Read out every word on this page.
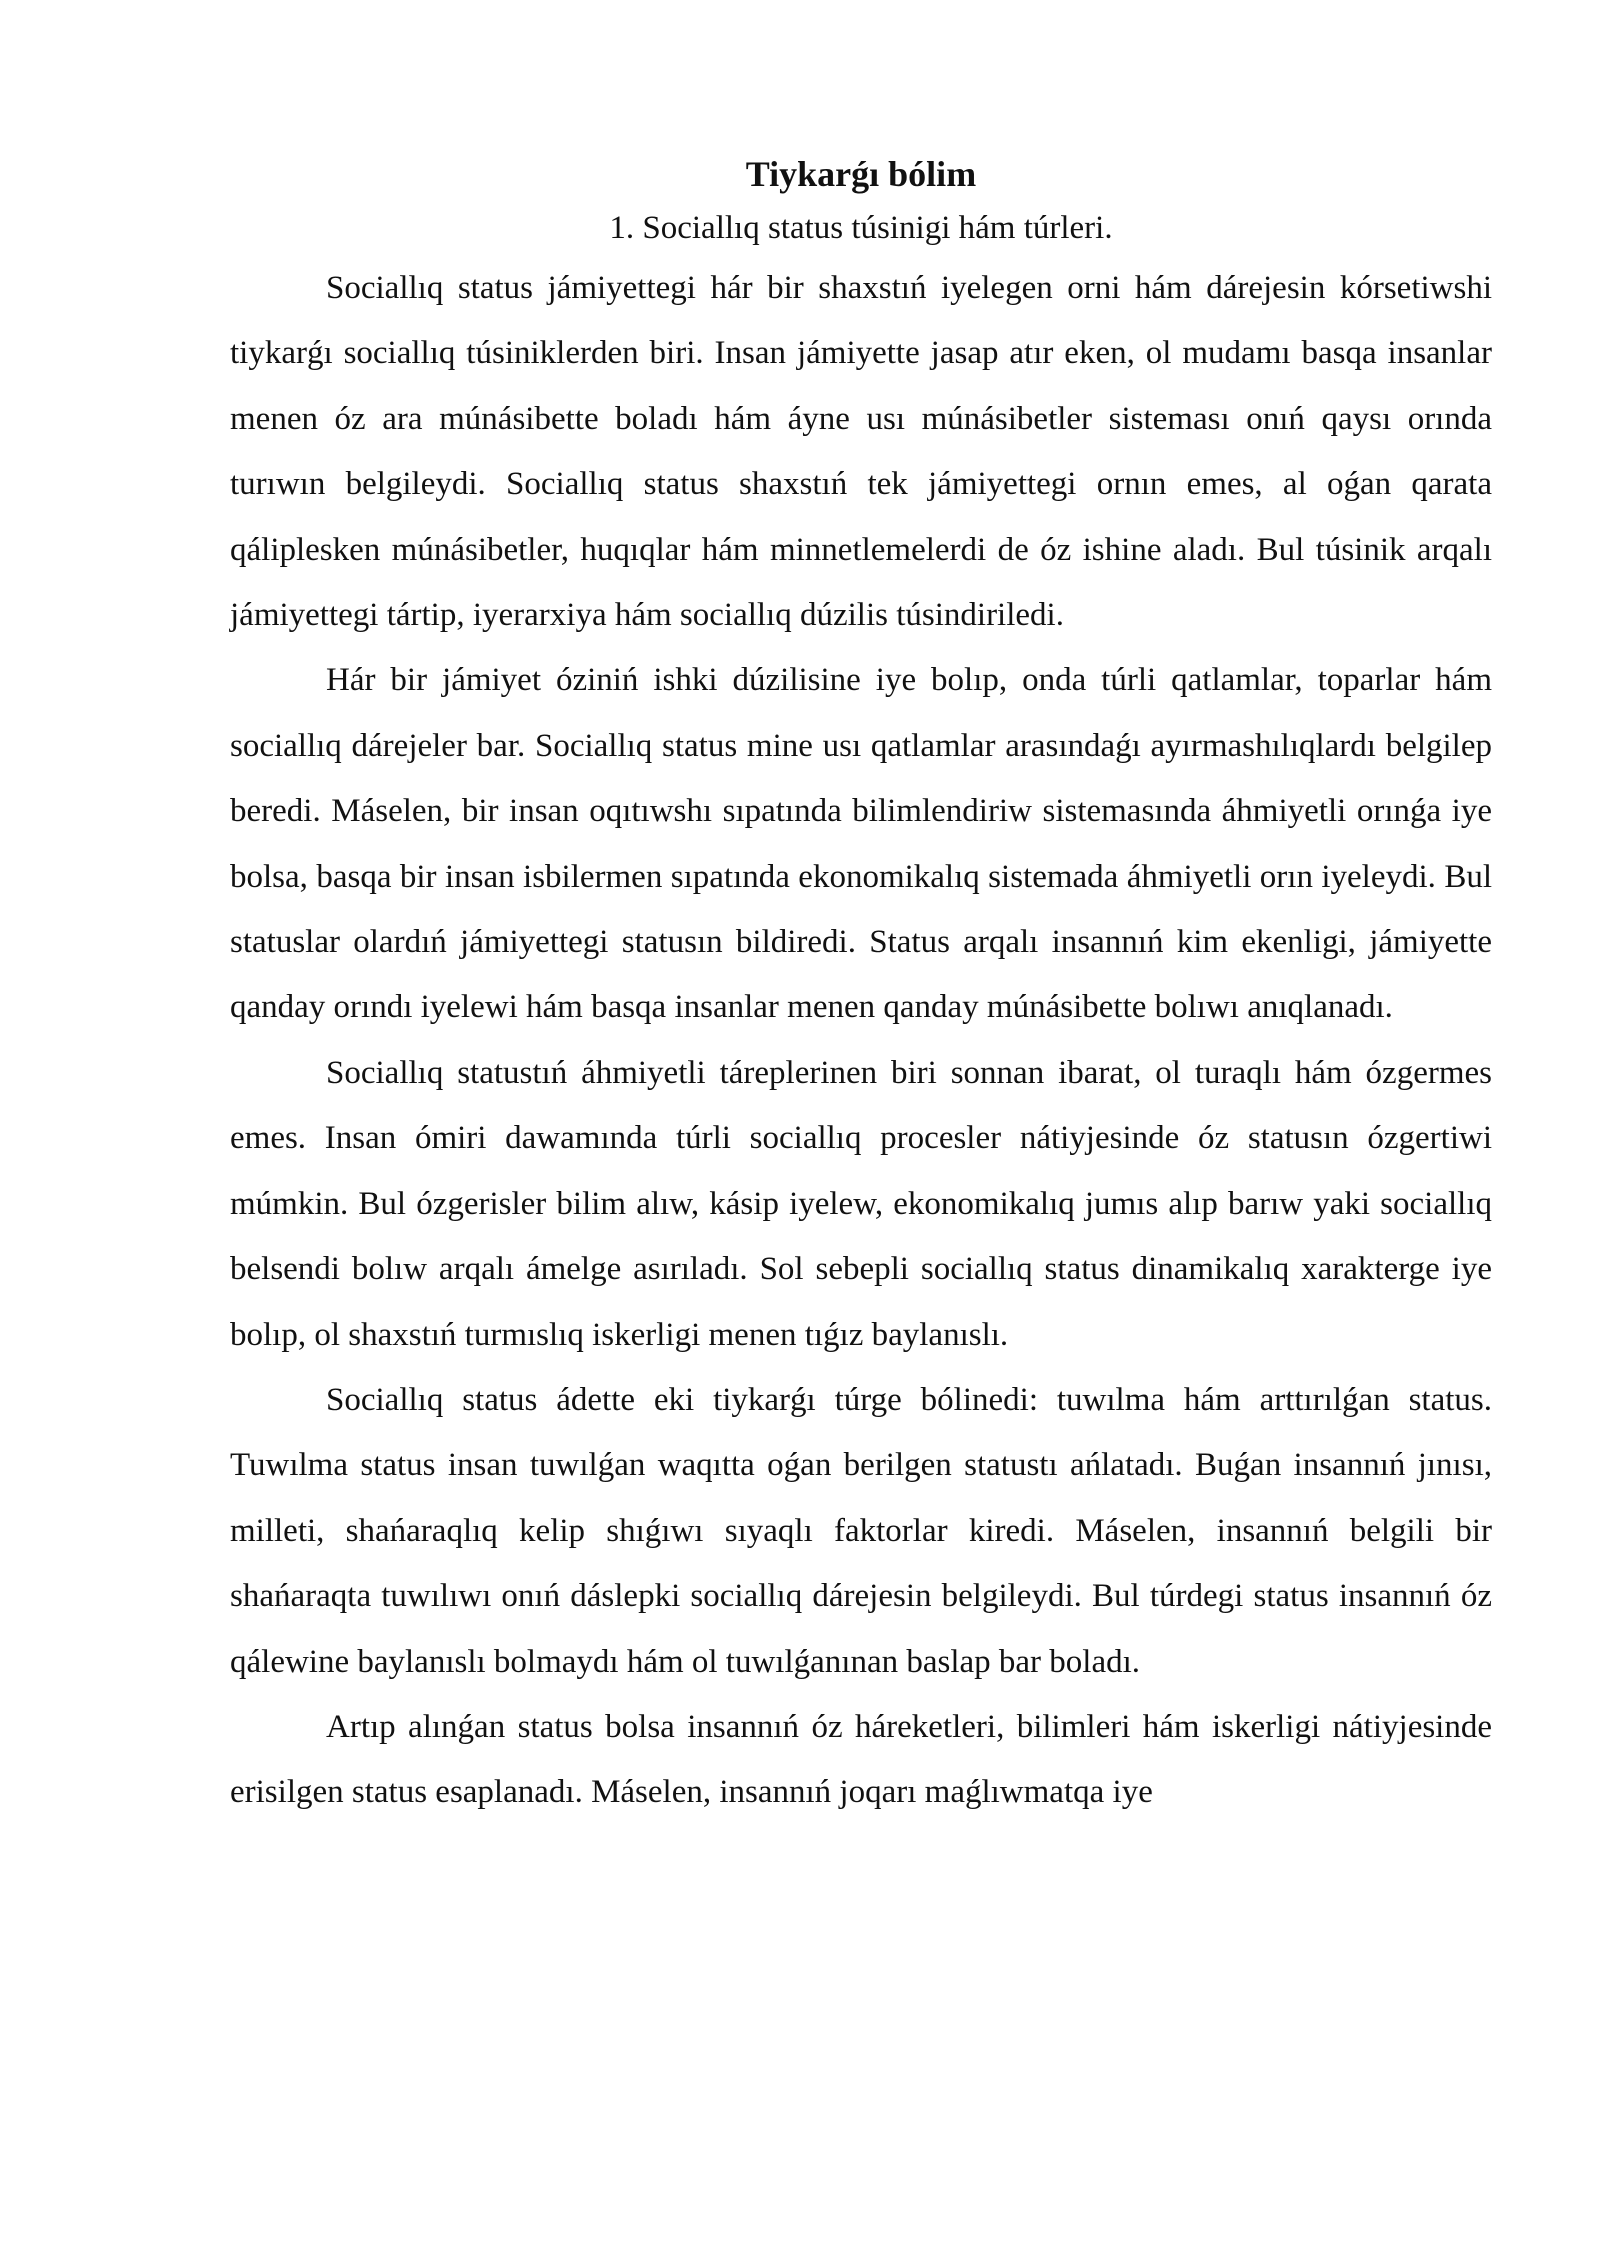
Tiykarǵı bólim

1. Sociallıq status túsinigi hám túrleri.

Sociallıq status jámiyettegi hár bir shaxstıń iyelegen orni hám dárejesin kórsetiwshi tiykarǵı sociallıq túsiniklerden biri. Insan jámiyette jasap atır eken, ol mudamı basqa insanlar menen óz ara múnásibette boladı hám áyne usı múnásibetler sisteması onıń qaysı orında turıwın belgileydi. Sociallıq status shaxstıń tek jámiyettegi ornın emes, al oǵan qarata qáliplesken múnásibetler, huqıqlar hám minnetlemelerdi de óz ishine aladı. Bul túsinik arqalı jámiyettegi tártip, iyerarxiya hám sociallıq dúzilis túsindiriledi.

Hár bir jámiyet óziniń ishki dúzilisine iye bolıp, onda túrli qatlamlar, toparlar hám sociallıq dárejeler bar. Sociallıq status mine usı qatlamlar arasındaǵı ayırmashılıqlardı belgilep beredi. Máselen, bir insan oqıtıwshı sıpatında bilimlendiriw sistemasında áhmiyetli orınǵa iye bolsa, basqa bir insan isbilermen sıpatında ekonomikalıq sistemada áhmiyetli orın iyeleydi. Bul statuslar olardıń jámiyettegi statusın bildiredi. Status arqalı insannıń kim ekenligi, jámiyette qanday orındı iyelewi hám basqa insanlar menen qanday múnásibette bolıwı anıqlanadı.

Sociallıq statustıń áhmiyetli táreplerinen biri sonnan ibarat, ol turaqlı hám ózgermes emes. Insan ómiri dawamında túrli sociallıq procesler nátiyjesinde óz statusın ózgertiwi múmkin. Bul ózgerisler bilim alıw, kásip iyelew, ekonomikalıq jumıs alıp barıw yaki sociallıq belsendi bolıw arqalı ámelge asırıladı. Sol sebepli sociallıq status dinamikalıq xarakterge iye bolıp, ol shaxstıń turmıslıq iskerligi menen tıǵız baylanıslı.

Sociallıq status ádette eki tiykarǵı túrge bólinedi: tuwılma hám arttırılǵan status. Tuwılma status insan tuwılǵan waqıtta oǵan berilgen statustı ańlatadı. Buǵan insannıń jınısı, milleti, shańaraqlıq kelip shıǵıwı sıyaqlı faktorlar kiredi. Máselen, insannıń belgili bir shańaraqta tuwılıwı onıń dáslepki sociallıq dárejesin belgileydi. Bul túrdegi status insannıń óz qálewine baylanıslı bolmaydı hám ol tuwılǵanınan baslap bar boladı.

Artıp alınǵan status bolsa insannıń óz háreketleri, bilimleri hám iskerligi nátiyjesinde erisilgen status esaplanadı. Máselen, insannıń joqarı maǵlıwmatqa iye
